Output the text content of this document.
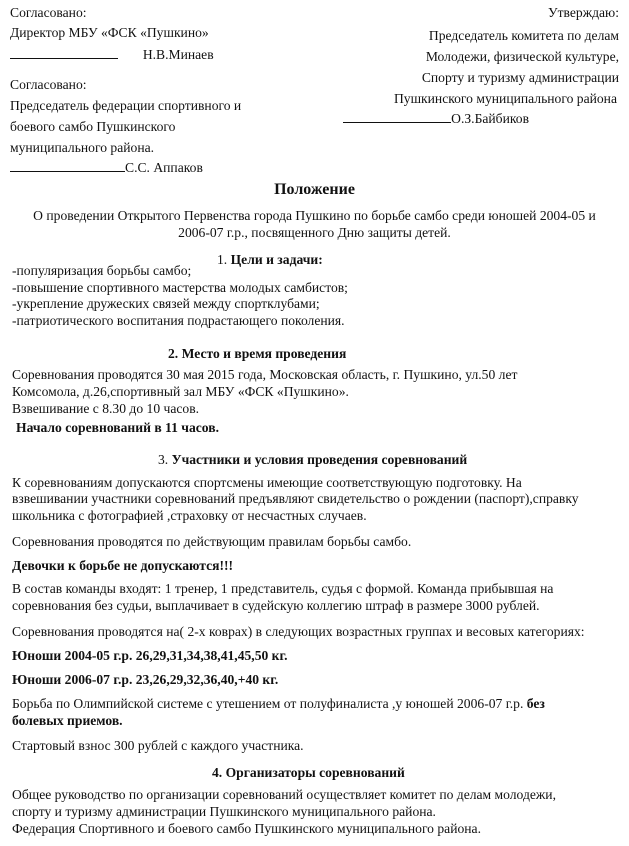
Согласовано:
Директор МБУ «ФСК «Пушкино»
Н.В.Минаев
Согласовано:
Председатель федерации спортивного и
боевого самбо Пушкинского
муниципального района.
С.С. Аппаков
Утверждаю:
Председатель комитета по делам
Молодежи, физической культуре,
Спорту и туризму администрации
Пушкинского муниципального района
О.З.Байбиков
Положение
О проведении Открытого Первенства города Пушкино по борьбе самбо среди юношей 2004-05 и
2006-07 г.р., посвященного Дню защиты детей.
1. Цели и задачи:
-популяризация борьбы самбо;
-повышение спортивного мастерства молодых самбистов;
-укрепление дружеских связей между спортклубами;
-патриотического воспитания подрастающего поколения.
2. Место и время проведения
Соревнования проводятся 30 мая 2015 года, Московская область, г. Пушкино, ул.50 лет
Комсомола, д.26,спортивный зал МБУ «ФСК «Пушкино».
Взвешивание с 8.30 до 10 часов.
Начало соревнований в 11 часов.
3. Участники и условия проведения соревнований
К соревнованиям допускаются спортсмены имеющие соответствующую подготовку. На
взвешивании участники соревнований предъявляют свидетельство о рождении (паспорт),справку
школьника с фотографией ,страховку от несчастных случаев.
Соревнования проводятся по действующим правилам борьбы самбо.
Девочки к борьбе не допускаются!!!
В состав команды входят: 1 тренер, 1 представитель, судья с формой. Команда прибывшая на
соревнования без судьи, выплачивает в судейскую коллегию штраф в размере 3000 рублей.
Соревнования проводятся на( 2-х коврах) в следующих возрастных группах и весовых категориях:
Юноши 2004-05 г.р. 26,29,31,34,38,41,45,50 кг.
Юноши 2006-07 г.р. 23,26,29,32,36,40,+40 кг.
Борьба по Олимпийской системе с утешением от полуфиналиста ,у юношей 2006-07 г.р. без
болевых приемов.
Стартовый взнос 300 рублей с каждого участника.
4. Организаторы соревнований
Общее руководство по организации соревнований осуществляет комитет по делам молодежи,
спорту и туризму администрации Пушкинского муниципального района.
Федерация Спортивного и боевого самбо Пушкинского муниципального района.
